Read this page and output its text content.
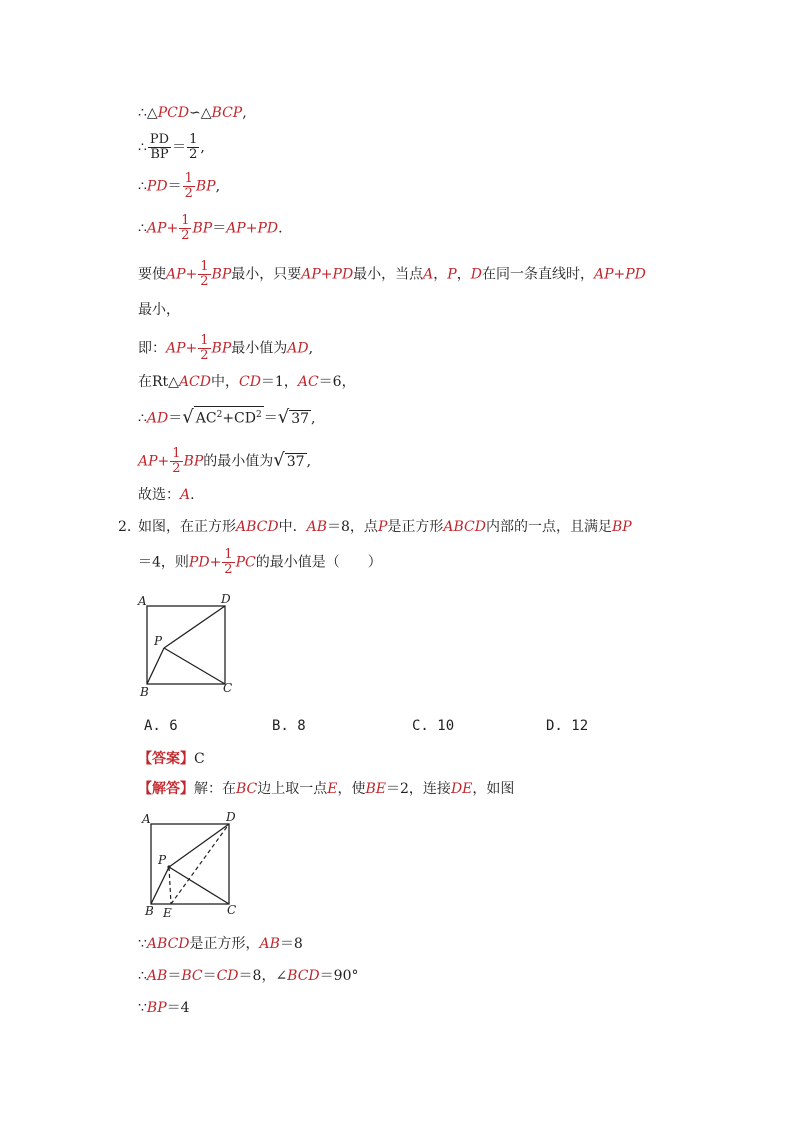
∴△PCD∽△BCP,
∴ $\frac{PD}{BP} = \frac{1}{2}$ ,
∴PD＝ $\frac{1}{2}$ BP,
∴AP+ $\frac{1}{2} BP=AP+PD$.
要使$AP+ \frac{1}{2}$ BP最小，只要AP+PD最小，当点A，P，D在同一条直线时，AP+PD
最小，
即：$AP+ \frac{1}{2}$ BP最小值为AD,
在Rt△ACD中，CD＝1，AC＝6，
∴AD＝√ $AC^2+CD^2$ ＝√ 37 ,
$AP+ \frac{1}{2}$ BP的最小值为√ 37 ,
故选：A.
2. 如图，在正方形ABCD中．AB＝8，点P是正方形ABCD内部的一点，且满足BP
＝4，则$PD+ \frac{1}{2}$ PC的最小值是（　　）
A	D
P
B	C
A. 6	B. 8	C. 10	D. 12
【答案】C
【解答】解：在BC边上取一点E，使BE＝2，连接DE，如图
A	D
P
B E	C
∵ABCD是正方形，AB＝8
∴AB＝BC＝CD＝8，∠BCD＝90°
∵BP＝4
